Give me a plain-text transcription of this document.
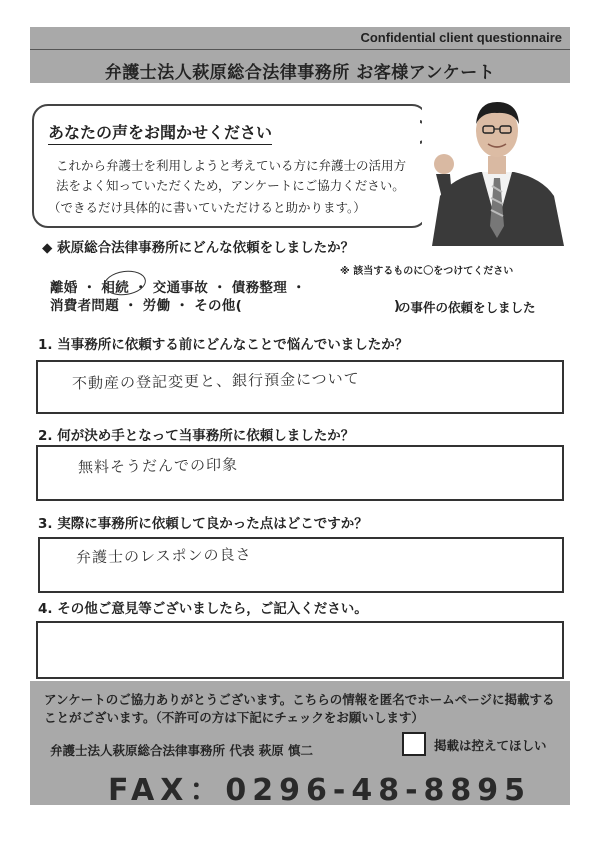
Confidential client questionnaire
弁護士法人萩原総合法律事務所 お客様アンケート
あなたの声をお聞かせください
これから弁護士を利用しようと考えている方に弁護士の活用方法をよく知っていただくため，アンケートにご協力ください。
（できるだけ具体的に書いていただけると助かります。）
◆ 萩原総合法律事務所にどんな依頼をしましたか？
※ 該当するものに〇をつけてください
離婚 ・ 相続 ・ 交通事故 ・ 債務整理 ・
消費者問題 ・ 労働 ・ その他(　　　　　　　　　　　)
の事件の依頼をしました
1. 当事務所に依頼する前にどんなことで悩んでいましたか？
不動産の登記変更と、銀行預金について
2. 何が決め手となって当事務所に依頼しましたか？
無料そうだんでの印象
3. 実際に事務所に依頼して良かった点はどこですか？
弁護士のレスポンの良さ
4. その他ご意見等ございましたら，ご記入ください。
アンケートのご協力ありがとうございます。こちらの情報を匿名でホームページに掲載することがございます。（不許可の方は下記にチェックをお願いします）
弁護士法人萩原総合法律事務所 代表 萩原 慎二	掲載は控えてほしい
FAX：0296-48-8895
